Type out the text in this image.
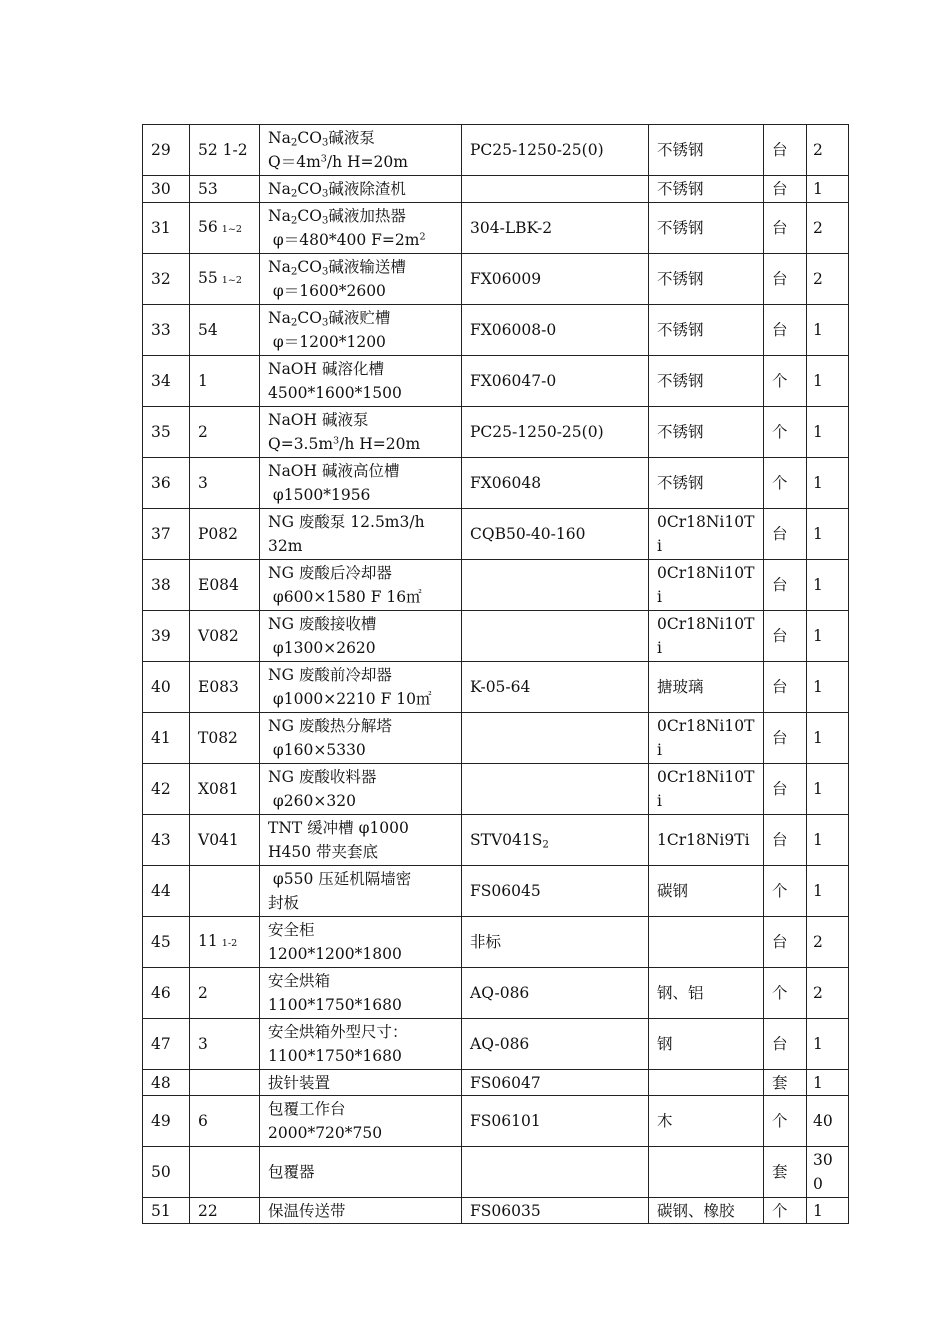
29	52 1-2	$Na_2CO_3$碱液泵
$Q=4m^3/h$ H=20m	PC25-1250-25(0)	不锈钢	台	2

30	53	$Na_2CO_3$碱液除渣机		不锈钢	台	1

31	56 1~2	$Na_2CO_3$碱液加热器
φ＝480*400 $F=2m^2$	304-LBK-2	不锈钢	台	2

32	55 1~2	$Na_2CO_3$碱液输送槽
φ＝1600*2600	FX06009	不锈钢	台	2

33	54	$Na_2CO_3$碱液贮槽
φ＝1200*1200	FX06008-0	不锈钢	台	1

34	1	NaOH 碱溶化槽
4500*1600*1500	FX06047-0	不锈钢	个	1

35	2	NaOH 碱液泵
$Q=3.5m^3/h$ H=20m	PC25-1250-25(0)	不锈钢	个	1

36	3	NaOH 碱液高位槽
φ1500*1956	FX06048	不锈钢	个	1

37	P082	NG 废酸泵 12.5m3/h
32m	CQB50-40-160	0Cr18Ni10T
i	台	1

38	E084	NG 废酸后冷却器
φ600×1580 F 16㎡		0Cr18Ni10T
i	台	1

39	V082	NG 废酸接收槽
φ1300×2620		0Cr18Ni10T
i	台	1

40	E083	NG 废酸前冷却器
φ1000×2210 F 10㎡	K-05-64	搪玻璃	台	1

41	T082	NG 废酸热分解塔
φ160×5330		0Cr18Ni10T
i	台	1

42	X081	NG 废酸收料器
φ260×320		0Cr18Ni10T
i	台	1

43	V041	TNT 缓冲槽 φ1000
H450 带夹套底	$STV041S_2$	1Cr18Ni9Ti	台	1

44		φ550 压延机隔墙密
封板	FS06045	碳钢	个	1

45	11 1-2	安全柜
1200*1200*1800	非标		台	2

46	2	安全烘箱
1100*1750*1680	AQ-086	钢、铝	个	2

47	3	安全烘箱外型尺寸：
1100*1750*1680	AQ-086	钢	台	1

48		拔针装置	FS06047		套	1

49	6	包覆工作台
2000*720*750	FS06101	木	个	40

50		包覆器			套	30
0

51	22	保温传送带	FS06035	碳钢、橡胶	个	1
